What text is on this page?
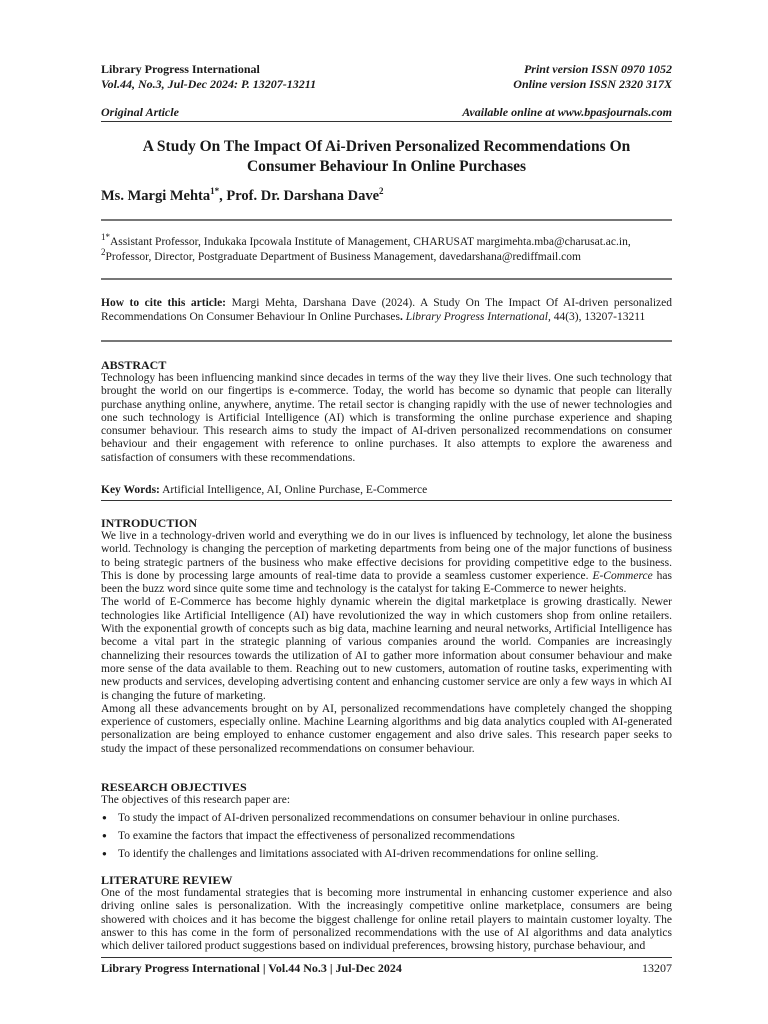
Library Progress International	Print version ISSN 0970 1052
Vol.44, No.3, Jul-Dec 2024: P. 13207-13211	Online version ISSN 2320 317X
Original Article	Available online at www.bpasjournals.com
A Study On The Impact Of Ai-Driven Personalized Recommendations On
Consumer Behaviour In Online Purchases
Ms. Margi Mehta$^{1*}$, Prof. Dr. Darshana Dave$^2$
$^{1*}$Assistant Professor, Indukaka Ipcowala Institute of Management, CHARUSAT margimehta.mba@charusat.ac.in,
$^2$Professor, Director, Postgraduate Department of Business Management, davedarshana@rediffmail.com
How to cite this article: Margi Mehta, Darshana Dave (2024). A Study On The Impact Of AI-driven personalized Recommendations On Consumer Behaviour In Online Purchases. Library Progress International, 44(3), 13207-13211
ABSTRACT

Technology has been influencing mankind since decades in terms of the way they live their lives. One such technology that brought the world on our fingertips is e-commerce. Today, the world has become so dynamic that people can literally purchase anything online, anywhere, anytime. The retail sector is changing rapidly with the use of newer technologies and one such technology is Artificial Intelligence (AI) which is transforming the online purchase experience and shaping consumer behaviour. This research aims to study the impact of AI-driven personalized recommendations on consumer behaviour and their engagement with reference to online purchases. It also attempts to explore the awareness and satisfaction of consumers with these recommendations.

Key Words: Artificial Intelligence, AI, Online Purchase, E-Commerce
INTRODUCTION

We live in a technology-driven world and everything we do in our lives is influenced by technology, let alone the business world. Technology is changing the perception of marketing departments from being one of the major functions of business to being strategic partners of the business who make effective decisions for providing competitive edge to the business. This is done by processing large amounts of real-time data to provide a seamless customer experience. E-Commerce has been the buzz word since quite some time and technology is the catalyst for taking E-Commerce to newer heights.

The world of E-Commerce has become highly dynamic wherein the digital marketplace is growing drastically. Newer technologies like Artificial Intelligence (AI) have revolutionized the way in which customers shop from online retailers. With the exponential growth of concepts such as big data, machine learning and neural networks, Artificial Intelligence has become a vital part in the strategic planning of various companies around the world. Companies are increasingly channelizing their resources towards the utilization of AI to gather more information about consumer behaviour and make more sense of the data available to them. Reaching out to new customers, automation of routine tasks, experimenting with new products and services, developing advertising content and enhancing customer service are only a few ways in which AI is changing the future of marketing.

Among all these advancements brought on by AI, personalized recommendations have completely changed the shopping experience of customers, especially online. Machine Learning algorithms and big data analytics coupled with AI-generated personalization are being employed to enhance customer engagement and also drive sales. This research paper seeks to study the impact of these personalized recommendations on consumer behaviour.

RESEARCH OBJECTIVES

The objectives of this research paper are:

● To study the impact of AI-driven personalized recommendations on consumer behaviour in online purchases.
● To examine the factors that impact the effectiveness of personalized recommendations
● To identify the challenges and limitations associated with AI-driven recommendations for online selling.
LITERATURE REVIEW

One of the most fundamental strategies that is becoming more instrumental in enhancing customer experience and also driving online sales is personalization. With the increasingly competitive online marketplace, consumers are being showered with choices and it has become the biggest challenge for online retail players to maintain customer loyalty. The answer to this has come in the form of personalized recommendations with the use of AI algorithms and data analytics which deliver tailored product suggestions based on individual preferences, browsing history, purchase behaviour, and

Library Progress International | Vol.44 No.3 | Jul-Dec 2024	13207
